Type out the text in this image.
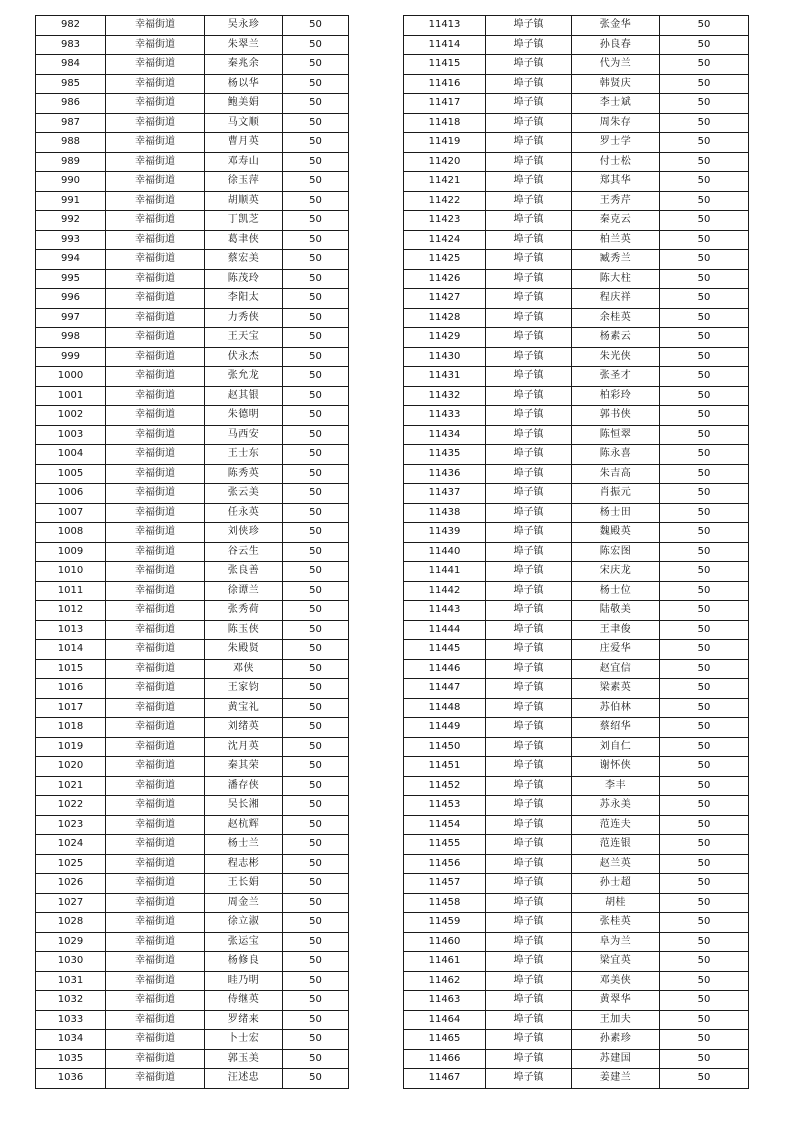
982	幸福街道	吴永珍	50
983	幸福街道	朱翠兰	50
984	幸福街道	秦兆余	50
985	幸福街道	杨以华	50
986	幸福街道	鲍美娟	50
987	幸福街道	马文顺	50
988	幸福街道	曹月英	50
989	幸福街道	邓寿山	50
990	幸福街道	徐玉萍	50
991	幸福街道	胡顺英	50
992	幸福街道	丁凯芝	50
993	幸福街道	葛聿侠	50
994	幸福街道	蔡宏美	50
995	幸福街道	陈茂玲	50
996	幸福街道	李阳太	50
997	幸福街道	力秀侠	50
998	幸福街道	王天宝	50
999	幸福街道	伏永杰	50
1000	幸福街道	张允龙	50
1001	幸福街道	赵其银	50
1002	幸福街道	朱德明	50
1003	幸福街道	马西安	50
1004	幸福街道	王士东	50
1005	幸福街道	陈秀英	50
1006	幸福街道	张云美	50
1007	幸福街道	任永英	50
1008	幸福街道	刘侠珍	50
1009	幸福街道	谷云生	50
1010	幸福街道	张良善	50
1011	幸福街道	徐谭兰	50
1012	幸福街道	张秀荷	50
1013	幸福街道	陈玉侠	50
1014	幸福街道	朱殿贤	50
1015	幸福街道	邓侠	50
1016	幸福街道	王家钧	50
1017	幸福街道	黄宝礼	50
1018	幸福街道	刘绪英	50
1019	幸福街道	沈月英	50
1020	幸福街道	秦其荣	50
1021	幸福街道	潘存侠	50
1022	幸福街道	吴长湘	50
1023	幸福街道	赵杭辉	50
1024	幸福街道	杨士兰	50
1025	幸福街道	程志彬	50
1026	幸福街道	王长娟	50
1027	幸福街道	周金兰	50
1028	幸福街道	徐立淑	50
1029	幸福街道	张运宝	50
1030	幸福街道	杨修良	50
1031	幸福街道	眭乃明	50
1032	幸福街道	侍继英	50
1033	幸福街道	罗绪来	50
1034	幸福街道	卜士宏	50
1035	幸福街道	郭玉美	50
1036	幸福街道	汪述忠	50
11413	埠子镇	张金华	50
11414	埠子镇	孙良春	50
11415	埠子镇	代为兰	50
11416	埠子镇	韩贤庆	50
11417	埠子镇	李士斌	50
11418	埠子镇	周朱存	50
11419	埠子镇	罗士学	50
11420	埠子镇	付士松	50
11421	埠子镇	郑其华	50
11422	埠子镇	王秀芹	50
11423	埠子镇	秦克云	50
11424	埠子镇	柏兰英	50
11425	埠子镇	臧秀兰	50
11426	埠子镇	陈大柱	50
11427	埠子镇	程庆祥	50
11428	埠子镇	余桂英	50
11429	埠子镇	杨素云	50
11430	埠子镇	朱光侠	50
11431	埠子镇	张圣才	50
11432	埠子镇	柏彩玲	50
11433	埠子镇	郭书侠	50
11434	埠子镇	陈恒翠	50
11435	埠子镇	陈永喜	50
11436	埠子镇	朱吉高	50
11437	埠子镇	肖振元	50
11438	埠子镇	杨士田	50
11439	埠子镇	魏殿英	50
11440	埠子镇	陈宏图	50
11441	埠子镇	宋庆龙	50
11442	埠子镇	杨士位	50
11443	埠子镇	陆敬美	50
11444	埠子镇	王聿俊	50
11445	埠子镇	庄爱华	50
11446	埠子镇	赵宜信	50
11447	埠子镇	梁素英	50
11448	埠子镇	苏伯林	50
11449	埠子镇	蔡绍华	50
11450	埠子镇	刘自仁	50
11451	埠子镇	谢怀侠	50
11452	埠子镇	李丰	50
11453	埠子镇	苏永美	50
11454	埠子镇	范连夫	50
11455	埠子镇	范连银	50
11456	埠子镇	赵兰英	50
11457	埠子镇	孙士超	50
11458	埠子镇	胡桂	50
11459	埠子镇	张桂英	50
11460	埠子镇	阜为兰	50
11461	埠子镇	梁宜英	50
11462	埠子镇	邓美侠	50
11463	埠子镇	黄翠华	50
11464	埠子镇	王加夫	50
11465	埠子镇	孙素珍	50
11466	埠子镇	苏建国	50
11467	埠子镇	姜建兰	50
